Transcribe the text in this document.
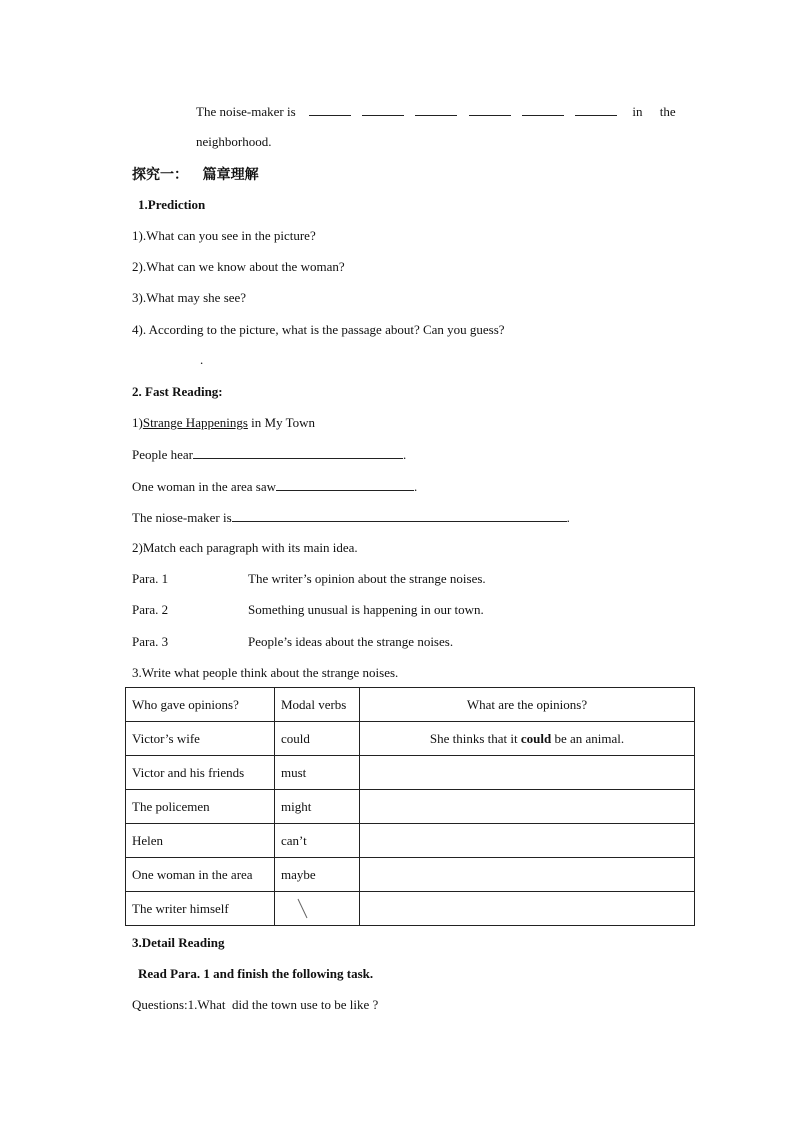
The noise-maker is	in the
neighborhood.
探究一：   篇章理解
1.Prediction
1).What can you see in the picture?
2).What can we know about the woman?
3).What may she see?
4). According to the picture, what is the passage about? Can you guess?
.
2. Fast Reading:
1)Strange Happenings in My Town
People hear	.
One woman in the area saw	.
The niose-maker is	.
2)Match each paragraph with its main idea.
Para. 1	The writer’s opinion about the strange noises.
Para. 2	Something unusual is happening in our town.
Para. 3	People’s ideas about the strange noises.
3.Write what people think about the strange noises.
Who gave opinions?	Modal verbs	What are the opinions?
Victor’s wife	could	She thinks that it could be an animal.
Victor and his friends	must	
The policemen	might	
Helen	can’t	
One woman in the area	maybe	
The writer himself	

3.Detail Reading
Read Para. 1 and finish the following task.
Questions:1.What  did the town use to be like ?
